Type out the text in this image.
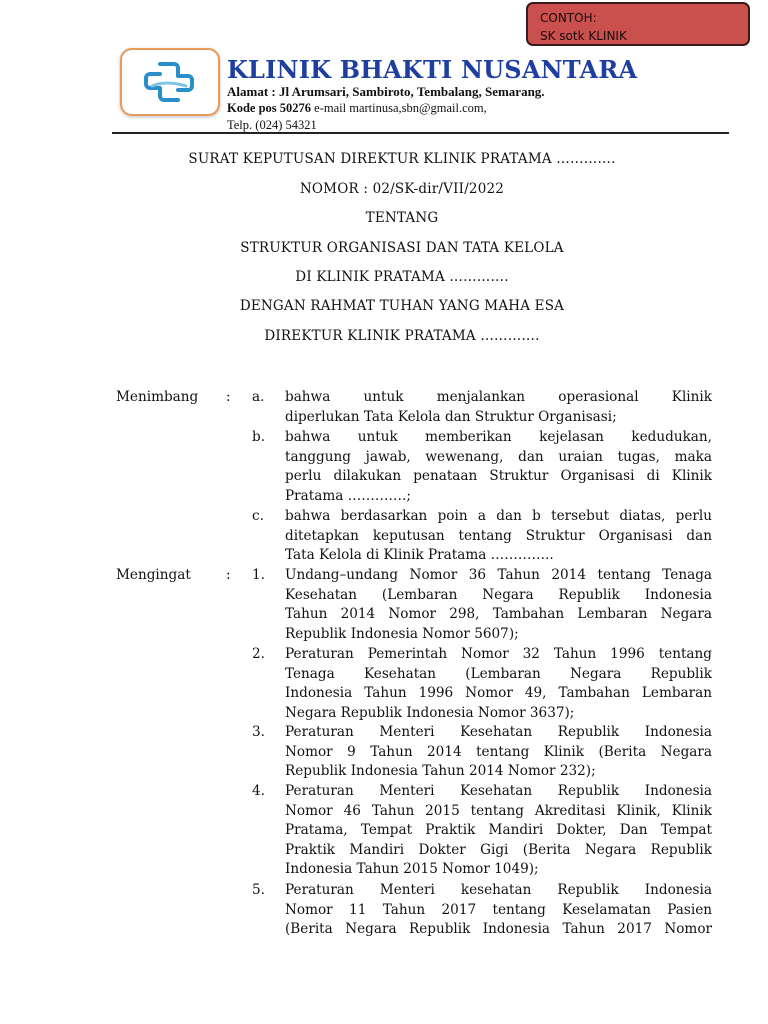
CONTOH:
SK sotk KLINIK
KLINIK BHAKTI NUSANTARA
Alamat : Jl Arumsari, Sambiroto, Tembalang, Semarang.
Kode pos 50276 e-mail martinusa,sbn@gmail.com,
Telp. (024) 54321
SURAT KEPUTUSAN DIREKTUR KLINIK PRATAMA ………….
NOMOR : 02/SK-dir/VII/2022
TENTANG
STRUKTUR ORGANISASI DAN TATA KELOLA
DI KLINIK PRATAMA ………….
DENGAN RAHMAT TUHAN YANG MAHA ESA
DIREKTUR KLINIK PRATAMA ………….
Menimbang : a. bahwa untuk menjalankan operasional Klinik
diperlukan Tata Kelola dan Struktur Organisasi;
b. bahwa untuk memberikan kejelasan kedudukan,
tanggung jawab, wewenang, dan uraian tugas, maka
perlu dilakukan penataan Struktur Organisasi di Klinik
Pratama ………….;
c. bahwa berdasarkan poin a dan b tersebut diatas, perlu
ditetapkan keputusan tentang Struktur Organisasi dan
Tata Kelola di Klinik Pratama …………..
Mengingat	: 1. Undang–undang Nomor 36 Tahun 2014 tentang Tenaga
Kesehatan (Lembaran Negara Republik Indonesia
Tahun 2014 Nomor 298, Tambahan Lembaran Negara
Republik Indonesia Nomor 5607);
2. Peraturan Pemerintah Nomor 32 Tahun 1996 tentang
Tenaga Kesehatan (Lembaran Negara Republik
Indonesia Tahun 1996 Nomor 49, Tambahan Lembaran
Negara Republik Indonesia Nomor 3637);
3. Peraturan Menteri Kesehatan Republik Indonesia
Nomor 9 Tahun 2014 tentang Klinik (Berita Negara
Republik Indonesia Tahun 2014 Nomor 232);
4. Peraturan Menteri Kesehatan Republik Indonesia
Nomor 46 Tahun 2015 tentang Akreditasi Klinik, Klinik
Pratama, Tempat Praktik Mandiri Dokter, Dan Tempat
Praktik Mandiri Dokter Gigi (Berita Negara Republik
Indonesia Tahun 2015 Nomor 1049);
5. Peraturan Menteri kesehatan Republik Indonesia
Nomor 11 Tahun 2017 tentang Keselamatan Pasien
(Berita Negara Republik Indonesia Tahun 2017 Nomor
